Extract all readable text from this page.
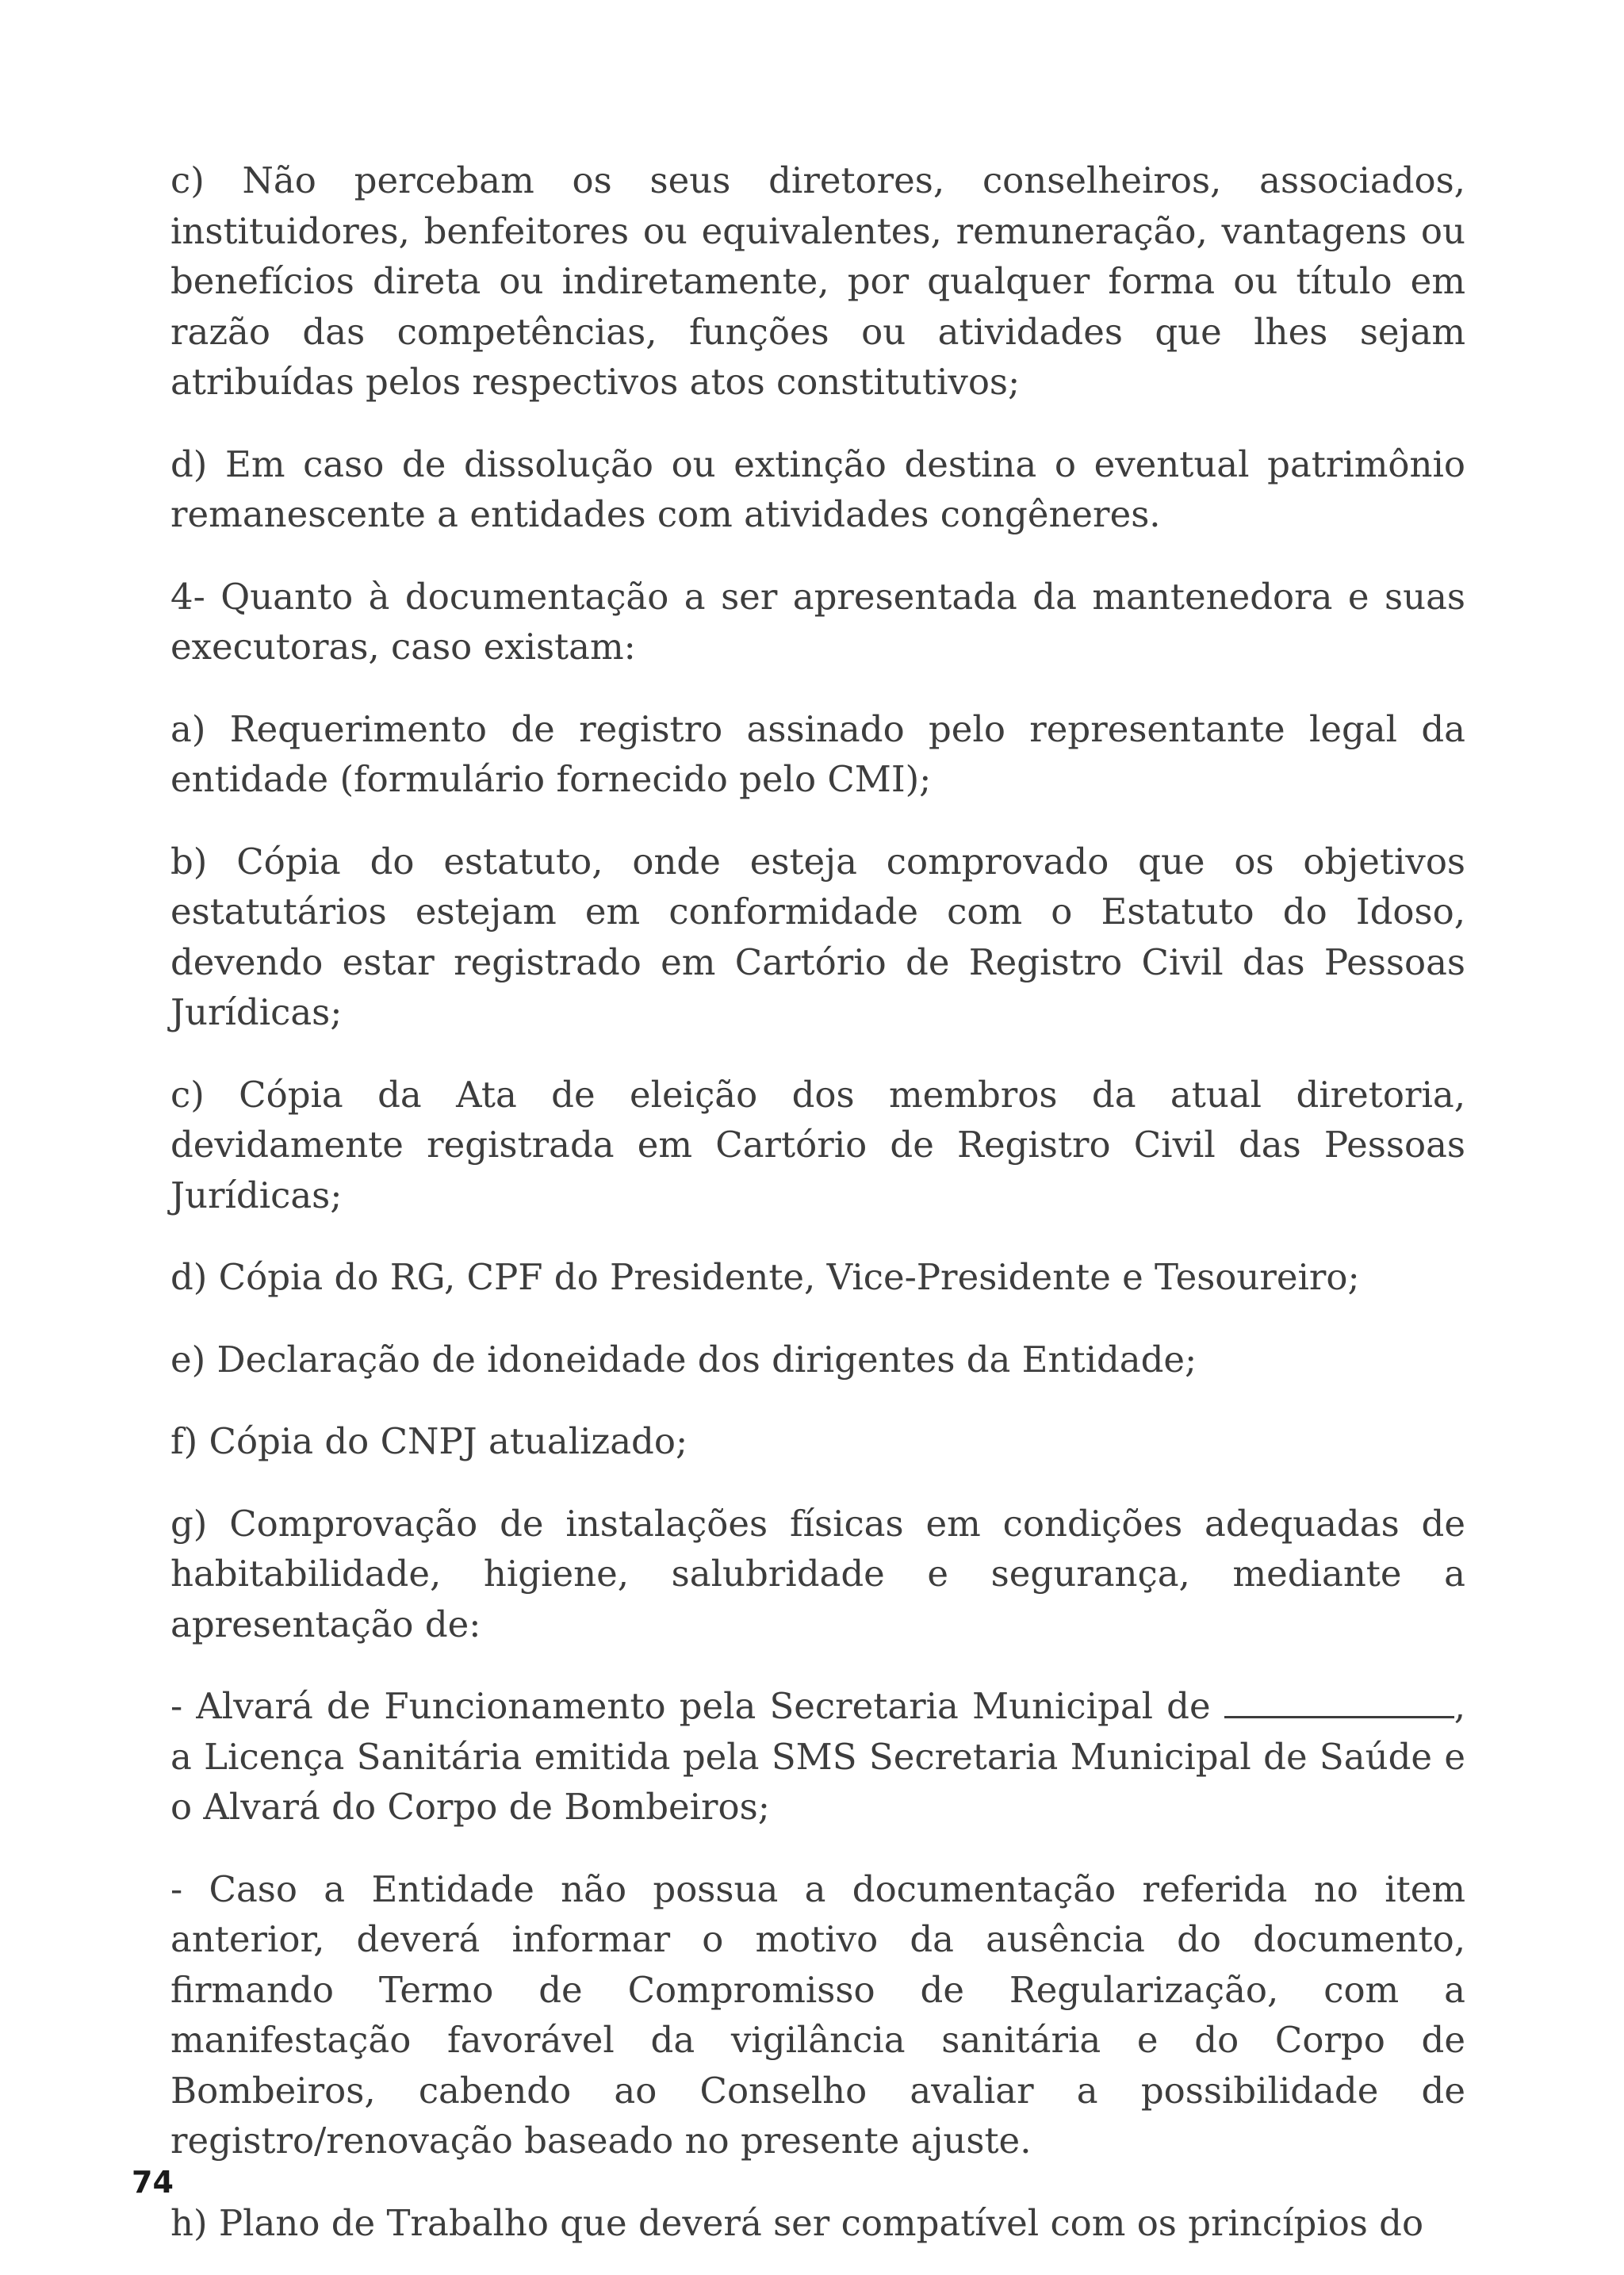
c) Não percebam os seus diretores, conselheiros, associados, instituidores, benfeitores ou equivalentes, remuneração, vantagens ou benefícios direta ou indiretamente, por qualquer forma ou título em razão das competências, funções ou atividades que lhes sejam atribuídas pelos respectivos atos constitutivos;

d) Em caso de dissolução ou extinção destina o eventual patrimônio remanescente a entidades com atividades congêneres.

4- Quanto à documentação a ser apresentada da mantenedora e suas executoras, caso existam:

a) Requerimento de registro assinado pelo representante legal da entidade (formulário fornecido pelo CMI);

b) Cópia do estatuto, onde esteja comprovado que os objetivos estatutários estejam em conformidade com o Estatuto do Idoso, devendo estar registrado em Cartório de Registro Civil das Pessoas Jurídicas;

c) Cópia da Ata de eleição dos membros da atual diretoria, devidamente registrada em Cartório de Registro Civil das Pessoas Jurídicas;

d) Cópia do RG, CPF do Presidente, Vice-Presidente e Tesoureiro;

e) Declaração de idoneidade dos dirigentes da Entidade;

f) Cópia do CNPJ atualizado;

g) Comprovação de instalações físicas em condições adequadas de habitabilidade, higiene, salubridade e segurança, mediante a apresentação de:

- Alvará de Funcionamento pela Secretaria Municipal de	, a Licença Sanitária emitida pela SMS Secretaria Municipal de Saúde e o Alvará do Corpo de Bombeiros;

- Caso a Entidade não possua a documentação referida no item anterior, deverá informar o motivo da ausência do documento, firmando Termo de Compromisso de Regularização, com a manifestação favorável da vigilância sanitária e do Corpo de Bombeiros, cabendo ao Conselho avaliar a possibilidade de registro/renovação baseado no presente ajuste.

h) Plano de Trabalho que deverá ser compatível com os princípios do

74
